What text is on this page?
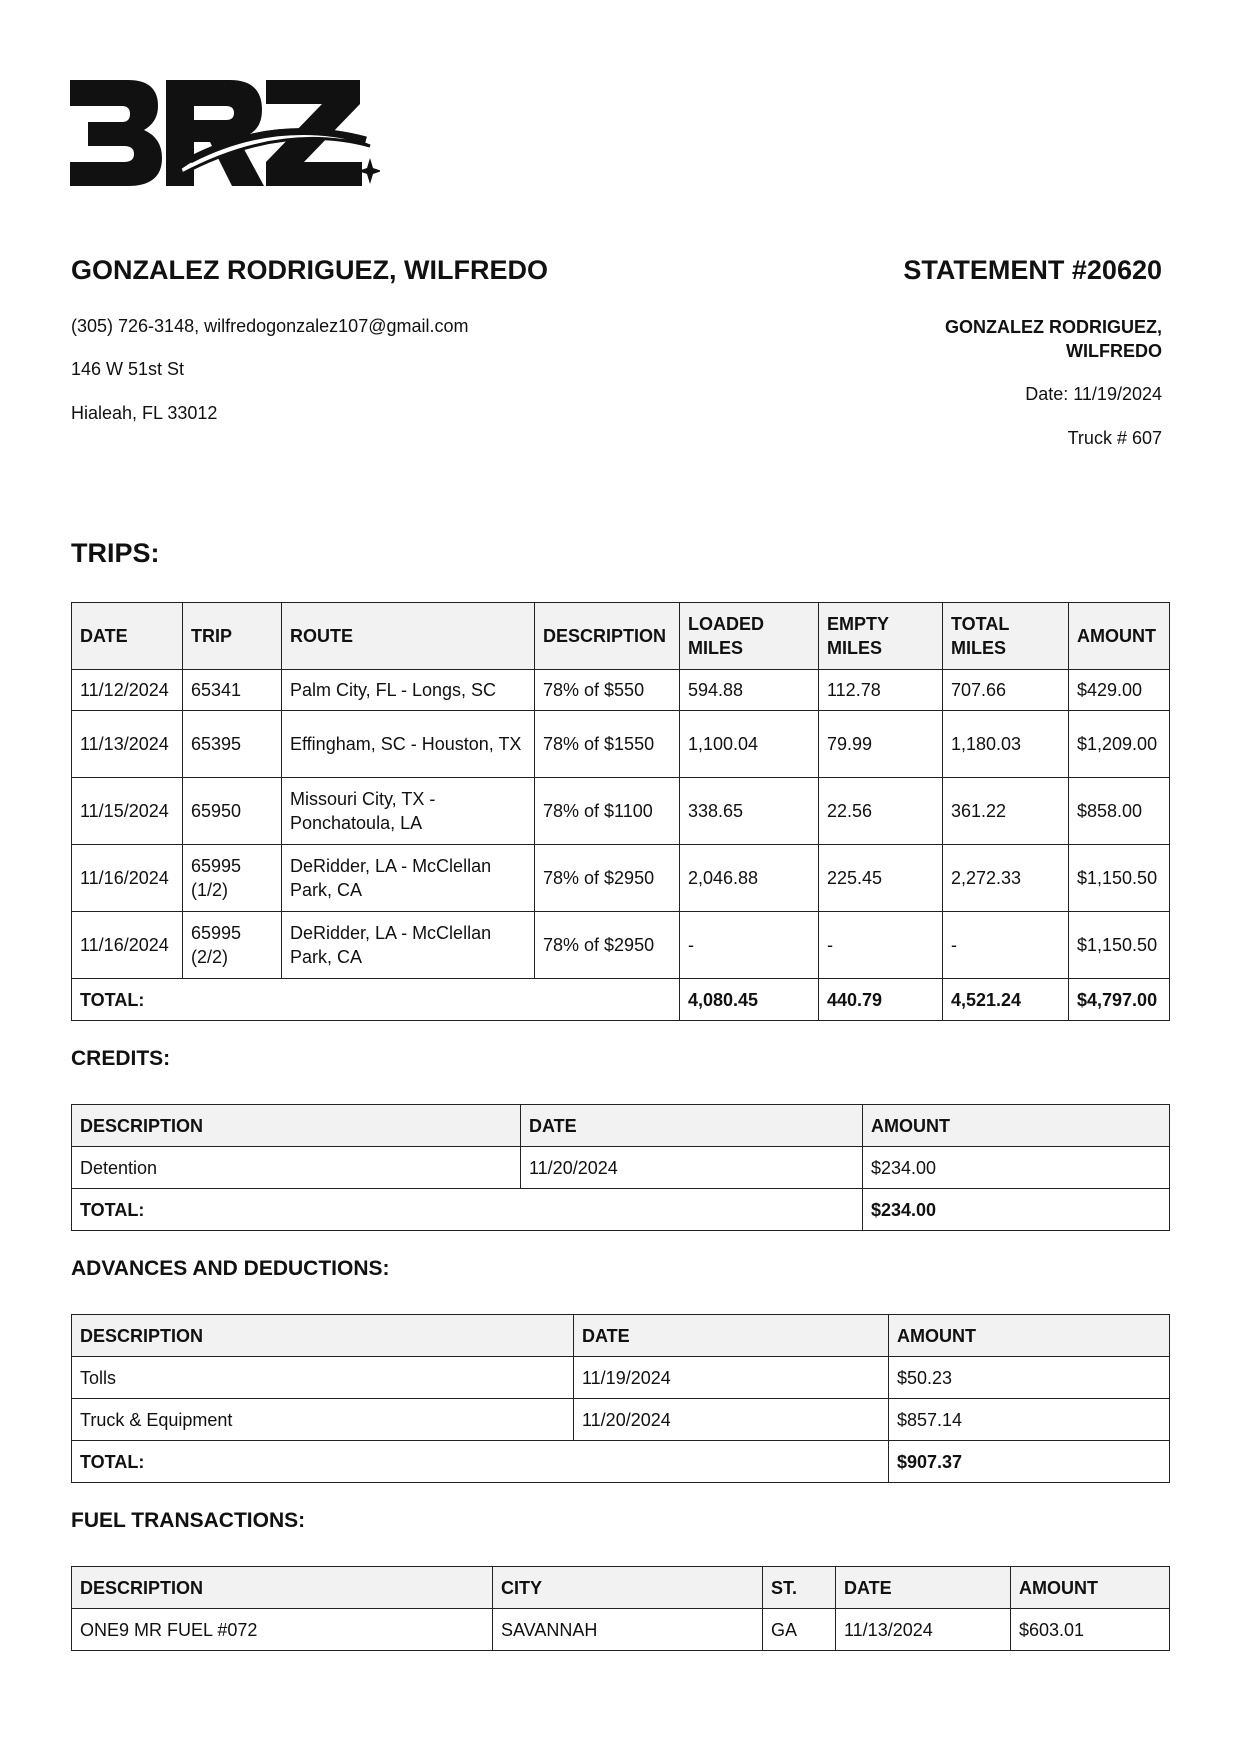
GONZALEZ RODRIGUEZ, WILFREDO
(305) 726-3148, wilfredogonzalez107@gmail.com
146 W 51st St
Hialeah, FL 33012
STATEMENT #20620
GONZALEZ RODRIGUEZ,
WILFREDO
Date: 11/19/2024
Truck # 607
TRIPS:
DATE	TRIP	ROUTE	DESCRIPTION	LOADED MILES	EMPTY MILES	TOTAL MILES	AMOUNT
11/12/2024	65341	Palm City, FL - Longs, SC	78% of $550	594.88	112.78	707.66	$429.00
11/13/2024	65395	Effingham, SC - Houston, TX	78% of $1550	1,100.04	79.99	1,180.03	$1,209.00
11/15/2024	65950	Missouri City, TX - Ponchatoula, LA	78% of $1100	338.65	22.56	361.22	$858.00
11/16/2024	65995 (1/2)	DeRidder, LA - McClellan Park, CA	78% of $2950	2,046.88	225.45	2,272.33	$1,150.50
11/16/2024	65995 (2/2)	DeRidder, LA - McClellan Park, CA	78% of $2950	-	-	-	$1,150.50
TOTAL:				4,080.45	440.79	4,521.24	$4,797.00
CREDITS:
DESCRIPTION	DATE	AMOUNT
Detention	11/20/2024	$234.00
TOTAL:		$234.00
ADVANCES AND DEDUCTIONS:
DESCRIPTION	DATE	AMOUNT
Tolls	11/19/2024	$50.23
Truck & Equipment	11/20/2024	$857.14
TOTAL:		$907.37
FUEL TRANSACTIONS:
DESCRIPTION	CITY	ST.	DATE	AMOUNT
ONE9 MR FUEL #072	SAVANNAH	GA	11/13/2024	$603.01
